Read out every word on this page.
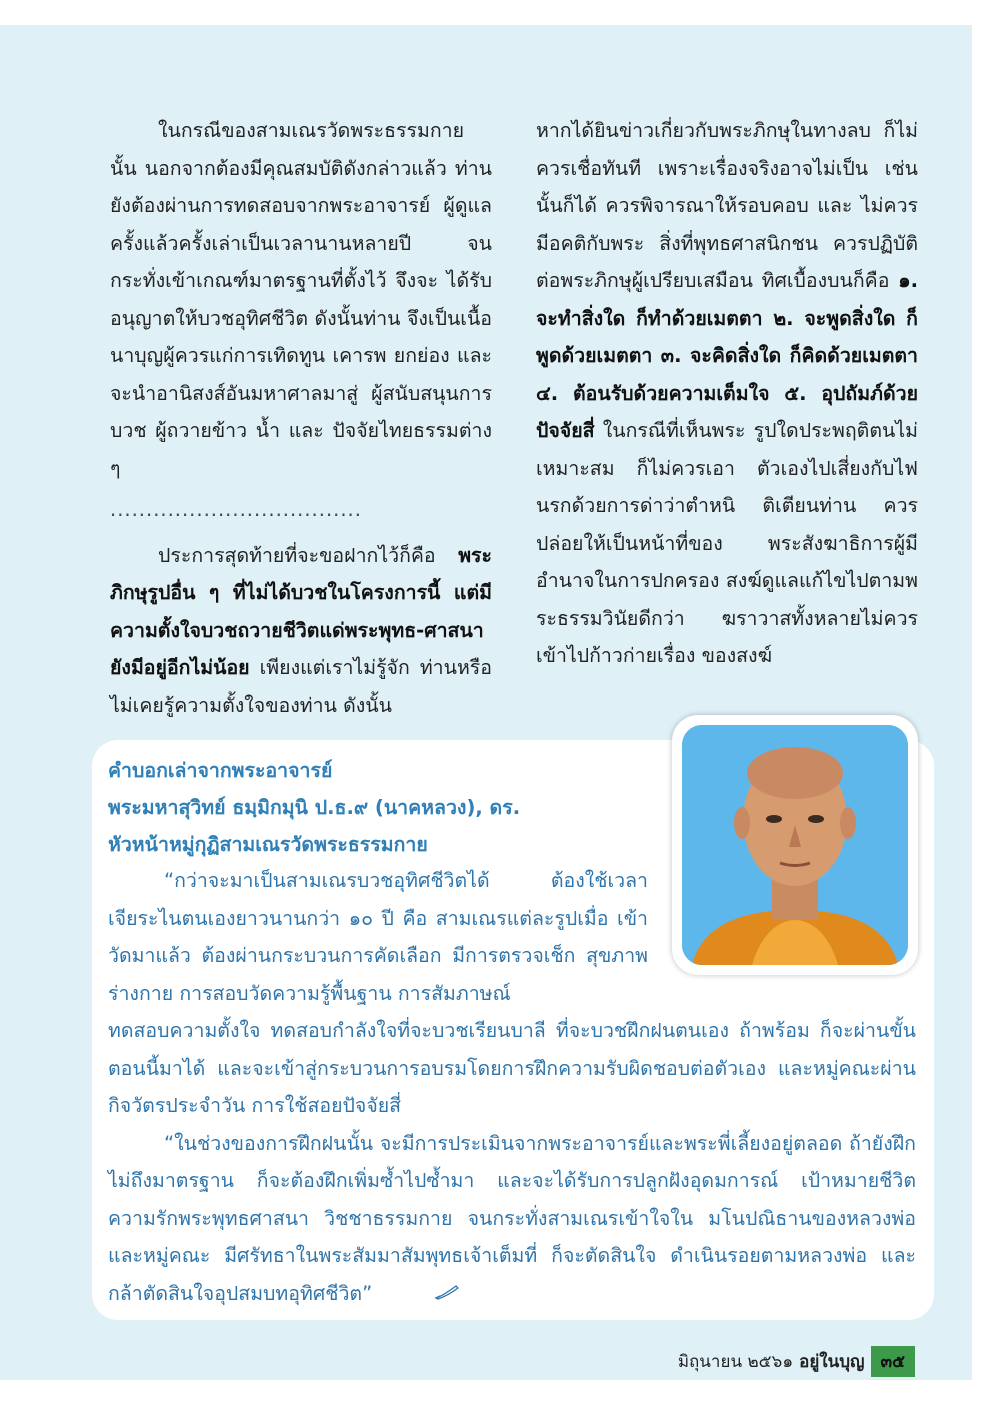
ในกรณีของสามเณรวัดพระธรรมกาย นั้น นอกจากต้องมีคุณสมบัติดังกล่าวแล้ว ท่านยังต้องผ่านการทดสอบจากพระอาจารย์ ผู้ดูแลครั้งแล้วครั้งเล่าเป็นเวลานานหลายปี จนกระทั่งเข้าเกณฑ์มาตรฐานที่ตั้งไว้ จึงจะ ได้รับอนุญาตให้บวชอุทิศชีวิต ดังนั้นท่าน จึงเป็นเนื้อนาบุญผู้ควรแก่การเทิดทูน เคารพ ยกย่อง และจะนำอานิสงส์อันมหาศาลมาสู่ ผู้สนับสนุนการบวช ผู้ถวายข้าว น้ำ และ ปัจจัยไทยธรรมต่าง ๆ

...................................

ประการสุดท้ายที่จะขอฝากไว้ก็คือ พระภิกษุรูปอื่น ๆ ที่ไม่ได้บวชในโครงการนี้ แต่มีความตั้งใจบวชถวายชีวิตแด่พระพุทธ-ศาสนายังมีอยู่อีกไม่น้อย เพียงแต่เราไม่รู้จัก ท่านหรือไม่เคยรู้ความตั้งใจของท่าน ดังนั้น

หากได้ยินข่าวเกี่ยวกับพระภิกษุในทางลบ ก็ไม่ควรเชื่อทันที เพราะเรื่องจริงอาจไม่เป็น เช่นนั้นก็ได้ ควรพิจารณาให้รอบคอบ และ ไม่ควรมีอคติกับพระ สิ่งที่พุทธศาสนิกชน ควรปฏิบัติต่อพระภิกษุผู้เปรียบเสมือน ทิศเบื้องบนก็คือ ๑. จะทำสิ่งใด ก็ทำด้วยเมตตา ๒. จะพูดสิ่งใด ก็พูดด้วยเมตตา ๓. จะคิดสิ่งใด ก็คิดด้วยเมตตา ๔. ต้อนรับด้วยความเต็มใจ ๕. อุปถัมภ์ด้วยปัจจัยสี่ ในกรณีที่เห็นพระ รูปใดประพฤติตนไม่เหมาะสม ก็ไม่ควรเอา ตัวเองไปเสี่ยงกับไฟนรกด้วยการด่าว่าตำหนิ ติเตียนท่าน ควรปล่อยให้เป็นหน้าที่ของ พระสังฆาธิการผู้มีอำนาจในการปกครอง สงฆ์ดูแลแก้ไขไปตามพระธรรมวินัยดีกว่า ฆราวาสทั้งหลายไม่ควรเข้าไปก้าวก่ายเรื่อง ของสงฆ์

คำบอกเล่าจากพระอาจารย์
พระมหาสุวิทย์ ธมฺมิกมุนิ ป.ธ.๙ (นาคหลวง), ดร.
หัวหน้าหมู่กุฏิสามเณรวัดพระธรรมกาย

“กว่าจะมาเป็นสามเณรบวชอุทิศชีวิตได้ ต้องใช้เวลา เจียระไนตนเองยาวนานกว่า ๑๐ ปี คือ สามเณรแต่ละรูปเมื่อ เข้าวัดมาแล้ว ต้องผ่านกระบวนการคัดเลือก มีการตรวจเช็ก สุขภาพร่างกาย การสอบวัดความรู้พื้นฐาน การสัมภาษณ์

ทดสอบความตั้งใจ ทดสอบกำลังใจที่จะบวชเรียนบาลี ที่จะบวชฝึกฝนตนเอง ถ้าพร้อม ก็จะผ่านขั้นตอนนี้มาได้ และจะเข้าสู่กระบวนการอบรมโดยการฝึกความรับผิดชอบต่อตัวเอง และหมู่คณะผ่านกิจวัตรประจำวัน การใช้สอยปัจจัยสี่

“ในช่วงของการฝึกฝนนั้น จะมีการประเมินจากพระอาจารย์และพระพี่เลี้ยงอยู่ตลอด ถ้ายังฝึกไม่ถึงมาตรฐาน ก็จะต้องฝึกเพิ่มซ้ำไปซ้ำมา และจะได้รับการปลูกฝังอุดมการณ์ เป้าหมายชีวิต ความรักพระพุทธศาสนา วิชชาธรรมกาย จนกระทั่งสามเณรเข้าใจใน มโนปณิธานของหลวงพ่อและหมู่คณะ มีศรัทธาในพระสัมมาสัมพุทธเจ้าเต็มที่ ก็จะตัดสินใจ ดำเนินรอยตามหลวงพ่อ และกล้าตัดสินใจอุปสมบทอุทิศชีวิต”

มิถุนายน ๒๕๖๑ อยู่ในบุญ ๓๕
